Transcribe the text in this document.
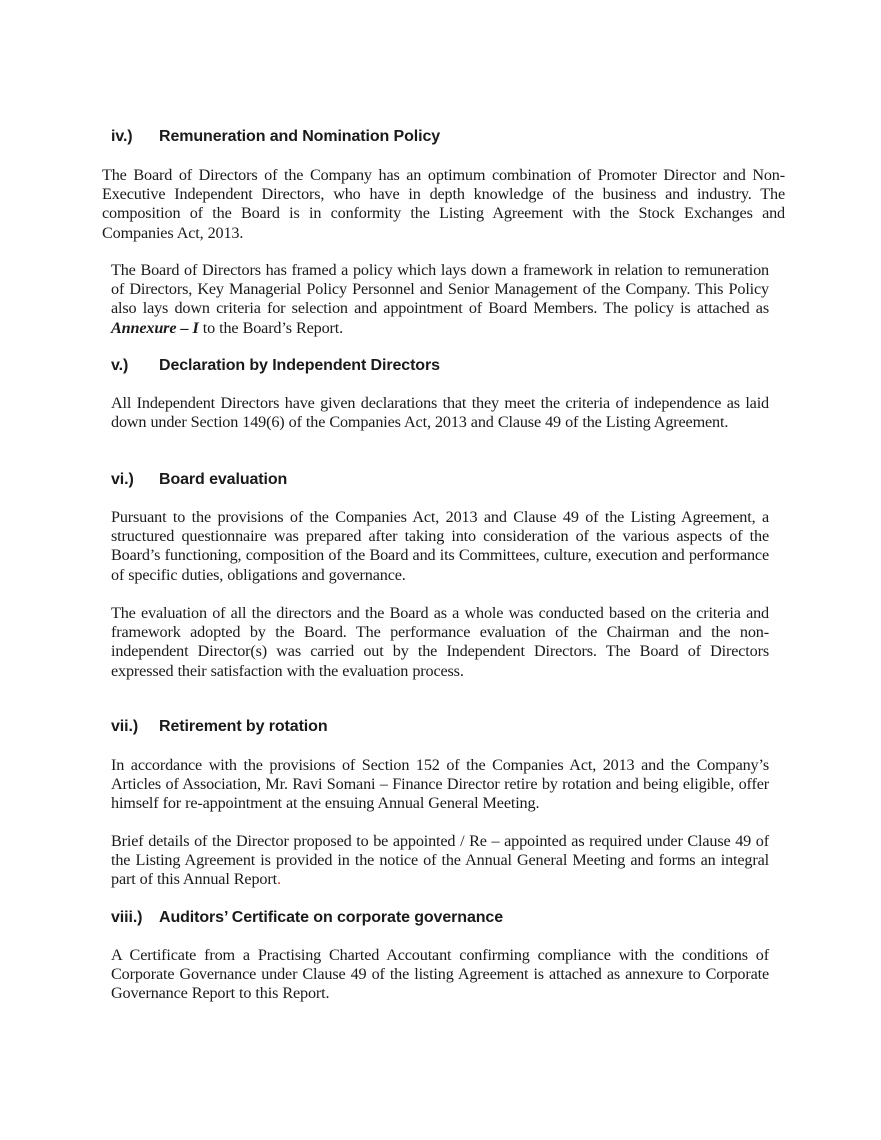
iv.) Remuneration and Nomination Policy
The Board of Directors of the Company has an optimum combination of Promoter Director and Non-Executive Independent Directors, who have in depth knowledge of the business and industry. The composition of the Board is in conformity the Listing Agreement with the Stock Exchanges and Companies Act, 2013.
The Board of Directors has framed a policy which lays down a framework in relation to remuneration of Directors, Key Managerial Policy Personnel and Senior Management of the Company. This Policy also lays down criteria for selection and appointment of Board Members. The policy is attached as Annexure – I to the Board’s Report.
v.) Declaration by Independent Directors
All Independent Directors have given declarations that they meet the criteria of independence as laid down under Section 149(6) of the Companies Act, 2013 and Clause 49 of the Listing Agreement.
vi.) Board evaluation
Pursuant to the provisions of the Companies Act, 2013 and Clause 49 of the Listing Agreement, a structured questionnaire was prepared after taking into consideration of the various aspects of the Board’s functioning, composition of the Board and its Committees, culture, execution and performance of specific duties, obligations and governance.
The evaluation of all the directors and the Board as a whole was conducted based on the criteria and framework adopted by the Board. The performance evaluation of the Chairman and the non- independent Director(s) was carried out by the Independent Directors. The Board of Directors expressed their satisfaction with the evaluation process.
vii.) Retirement by rotation
In accordance with the provisions of Section 152 of the Companies Act, 2013 and the Company’s Articles of Association, Mr. Ravi Somani – Finance Director retire by rotation and being eligible, offer himself for re-appointment at the ensuing Annual General Meeting.
Brief details of the Director proposed to be appointed / Re – appointed as required under Clause 49 of the Listing Agreement is provided in the notice of the Annual General Meeting and forms an integral part of this Annual Report.
viii.) Auditors’ Certificate on corporate governance
A Certificate from a Practising Charted Accoutant confirming compliance with the conditions of Corporate Governance under Clause 49 of the listing Agreement is attached as annexure to Corporate Governance Report to this Report.
